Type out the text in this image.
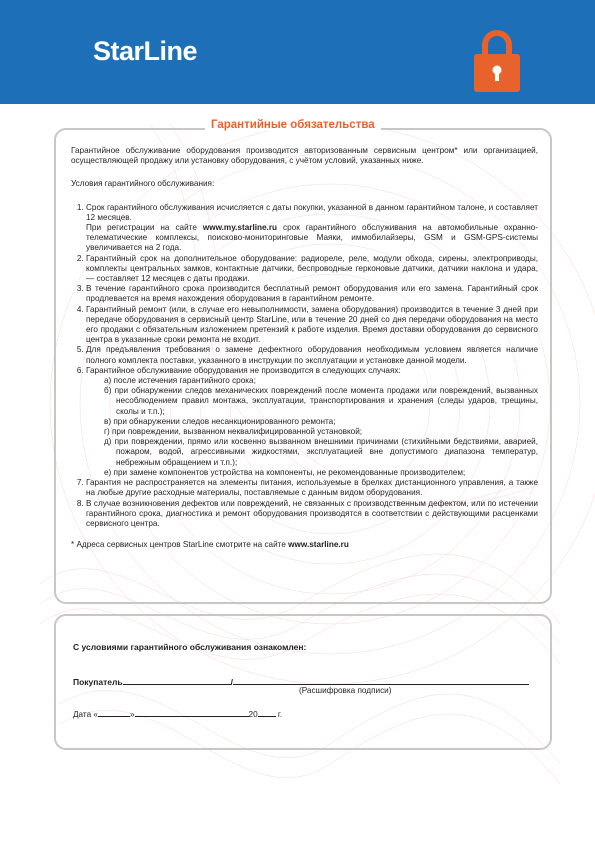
StarLine
Гарантийные обязательства

Гарантийное обслуживание оборудования производится авторизованным сервисным центром* или организацией, осуществляющей продажу или установку оборудования, с учётом условий, указанных ниже.

Условия гарантийного обслуживания:

1. Срок гарантийного обслуживания исчисляется с даты покупки, указанной в данном гарантийном талоне, и составляет 12 месяцев.
При регистрации на сайте www.my.starline.ru срок гарантийного обслуживания на автомобильные охранно-телематические комплексы, поисково-мониторинговые Маяки, иммобилайзеры, GSM и GSM-GPS-системы увеличивается на 2 года.
2. Гарантийный срок на дополнительное оборудование: радиореле, реле, модули обхода, сирены, электроприводы, комплекты центральных замков, контактные датчики, беспроводные герконовые датчики, датчики наклона и удара, — составляет 12 месяцев с даты продажи.
3. В течение гарантийного срока производится бесплатный ремонт оборудования или его замена. Гарантийный срок продлевается на время нахождения оборудования в гарантийном ремонте.
4. Гарантийный ремонт (или, в случае его невыполнимости, замена оборудования) производится в течение 3 дней при передаче оборудования в сервисный центр StarLine, или в течение 20 дней со дня передачи оборудования на место его продажи с обязательным изложением претензий к работе изделия. Время доставки оборудования до сервисного центра в указанные сроки ремонта не входит.
5. Для предъявления требования о замене дефектного оборудования необходимым условием является наличие полного комплекта поставки, указанного в инструкции по эксплуатации и установке данной модели.
6. Гарантийное обслуживание оборудования не производится в следующих случаях:
а) после истечения гарантийного срока;
б) при обнаружении следов механических повреждений после момента продажи или повреждений, вызванных несоблюдением правил монтажа, эксплуатации, транспортирования и хранения (следы ударов, трещины, сколы и т.п.);
в) при обнаружении следов несанкционированного ремонта;
г) при повреждении, вызванном неквалифицированной установкой;
д) при повреждении, прямо или косвенно вызванном внешними причинами (стихийными бедствиями, аварией, пожаром, водой, агрессивными жидкостями, эксплуатацией вне допустимого диапазона температур, небрежным обращением и т.п.);
е) при замене компонентов устройства на компоненты, не рекомендованные производителем;
7. Гарантия не распространяется на элементы питания, используемые в брелках дистанционного управления, а также на любые другие расходные материалы, поставляемые с данным видом оборудования.
8. В случае возникновения дефектов или повреждений, не связанных с производственным дефектом, или по истечении гарантийного срока, диагностика и ремонт оборудования производятся в соответствии с действующими расценками сервисного центра.

* Адреса сервисных центров StarLine смотрите на сайте www.starline.ru

С условиями гарантийного обслуживания ознакомлен:
Покупатель	/
(Расшифровка подписи)
Дата «	»	20 г.
